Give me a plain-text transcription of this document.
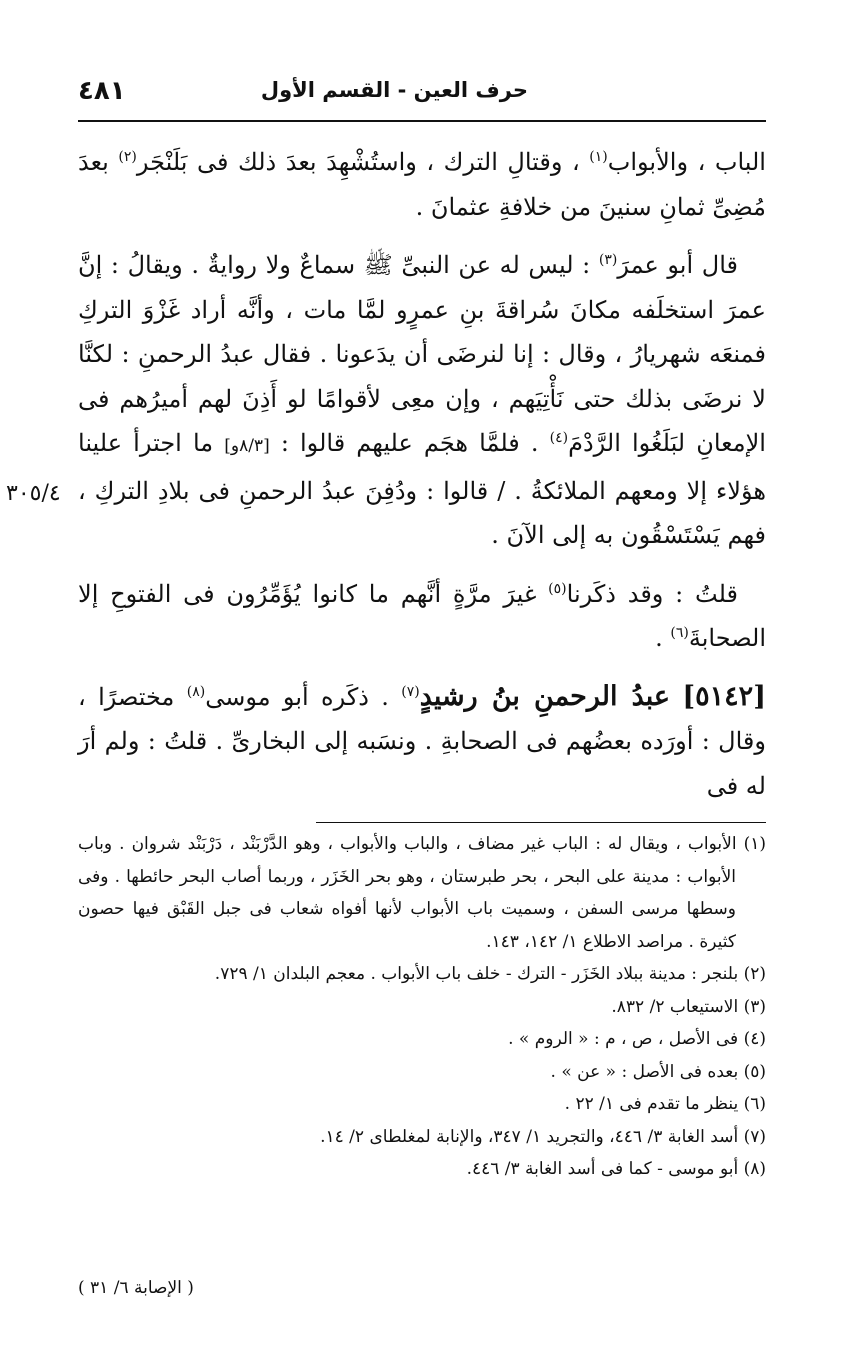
٤٨١	حرف العين - القسم الأول

الباب ، والأبواب$^{(١)}$ ، وقتالِ الترك ، واستُشْهِدَ بعدَ ذلك فى بَلَنْجَر$^{(٢)}$ بعدَ مُضِىِّ ثمانِ سنينَ من خلافةِ عثمانَ .

قال أبو عمرَ$^{(٣)}$ : ليس له عن النبىِّ ﷺ سماعٌ ولا روايةٌ . ويقالُ : إنَّ عمرَ استخلَفه مكانَ سُراقةَ بنِ عمرٍو لمَّا مات ، وأنَّه أراد غَزْوَ التركِ فمنعَه شهريارُ ، وقال : إنا لنرضَى أن يدَعونا . فقال عبدُ الرحمنِ : لكنَّا لا نرضَى بذلك حتى نَأْتِيَهم ، وإن معِى لأقوامًا لو أَذِنَ لهم أميرُهم فى الإمعانِ لبَلَغُوا الرَّدْمَ$^{(٤)}$ . فلمَّا هجَم عليهم قالوا : [٨/٣و] ما اجترأ علينا هؤلاء إلا ومعهم الملائكةُ . / قالوا : ودُفِنَ عبدُ الرحمنِ فى بلادِ التركِ ، فهم يَسْتَسْقُون به إلى الآنَ .

قلتُ : وقد ذكَرنا$^{(٥)}$ غيرَ مرَّةٍ أنَّهم ما كانوا يُؤَمِّرُون فى الفتوحِ إلا الصحابةَ$^{(٦)}$ .

[٥١٤٢] عبدُ الرحمنِ بنُ رشيدٍ$^{(٧)}$ . ذكَره أبو موسى$^{(٨)}$ مختصرًا ، وقال : أورَده بعضُهم فى الصحابةِ . ونسَبه إلى البخارىِّ . قلتُ : ولم أرَ له فى

٣٠٥/٤

(١) الأبواب ، ويقال له : الباب غير مضاف ، والباب والأبواب ، وهو الدَّرْبَنْد ، دَرْبَنْد شروان . وباب الأبواب : مدينة على البحر ، بحر طبرستان ، وهو بحر الخَزَر ، وربما أصاب البحر حائطها . وفى وسطها مرسى السفن ، وسميت باب الأبواب لأنها أفواه شعاب فى جبل القَبْق فيها حصون كثيرة . مراصد الاطلاع ١/ ١٤٢، ١٤٣.

(٢) بلنجر : مدينة ببلاد الخَزَر - الترك - خلف باب الأبواب . معجم البلدان ١/ ٧٢٩.

(٣) الاستيعاب ٢/ ٨٣٢.

(٤) فى الأصل ، ص ، م : « الروم » .

(٥) بعده فى الأصل : « عن » .

(٦) ينظر ما تقدم فى ١/ ٢٢ .

(٧) أسد الغابة ٣/ ٤٤٦، والتجريد ١/ ٣٤٧، والإنابة لمغلطاى ٢/ ١٤.

(٨) أبو موسى - كما فى أسد الغابة ٣/ ٤٤٦.

( الإصابة ٦/ ٣١ )
